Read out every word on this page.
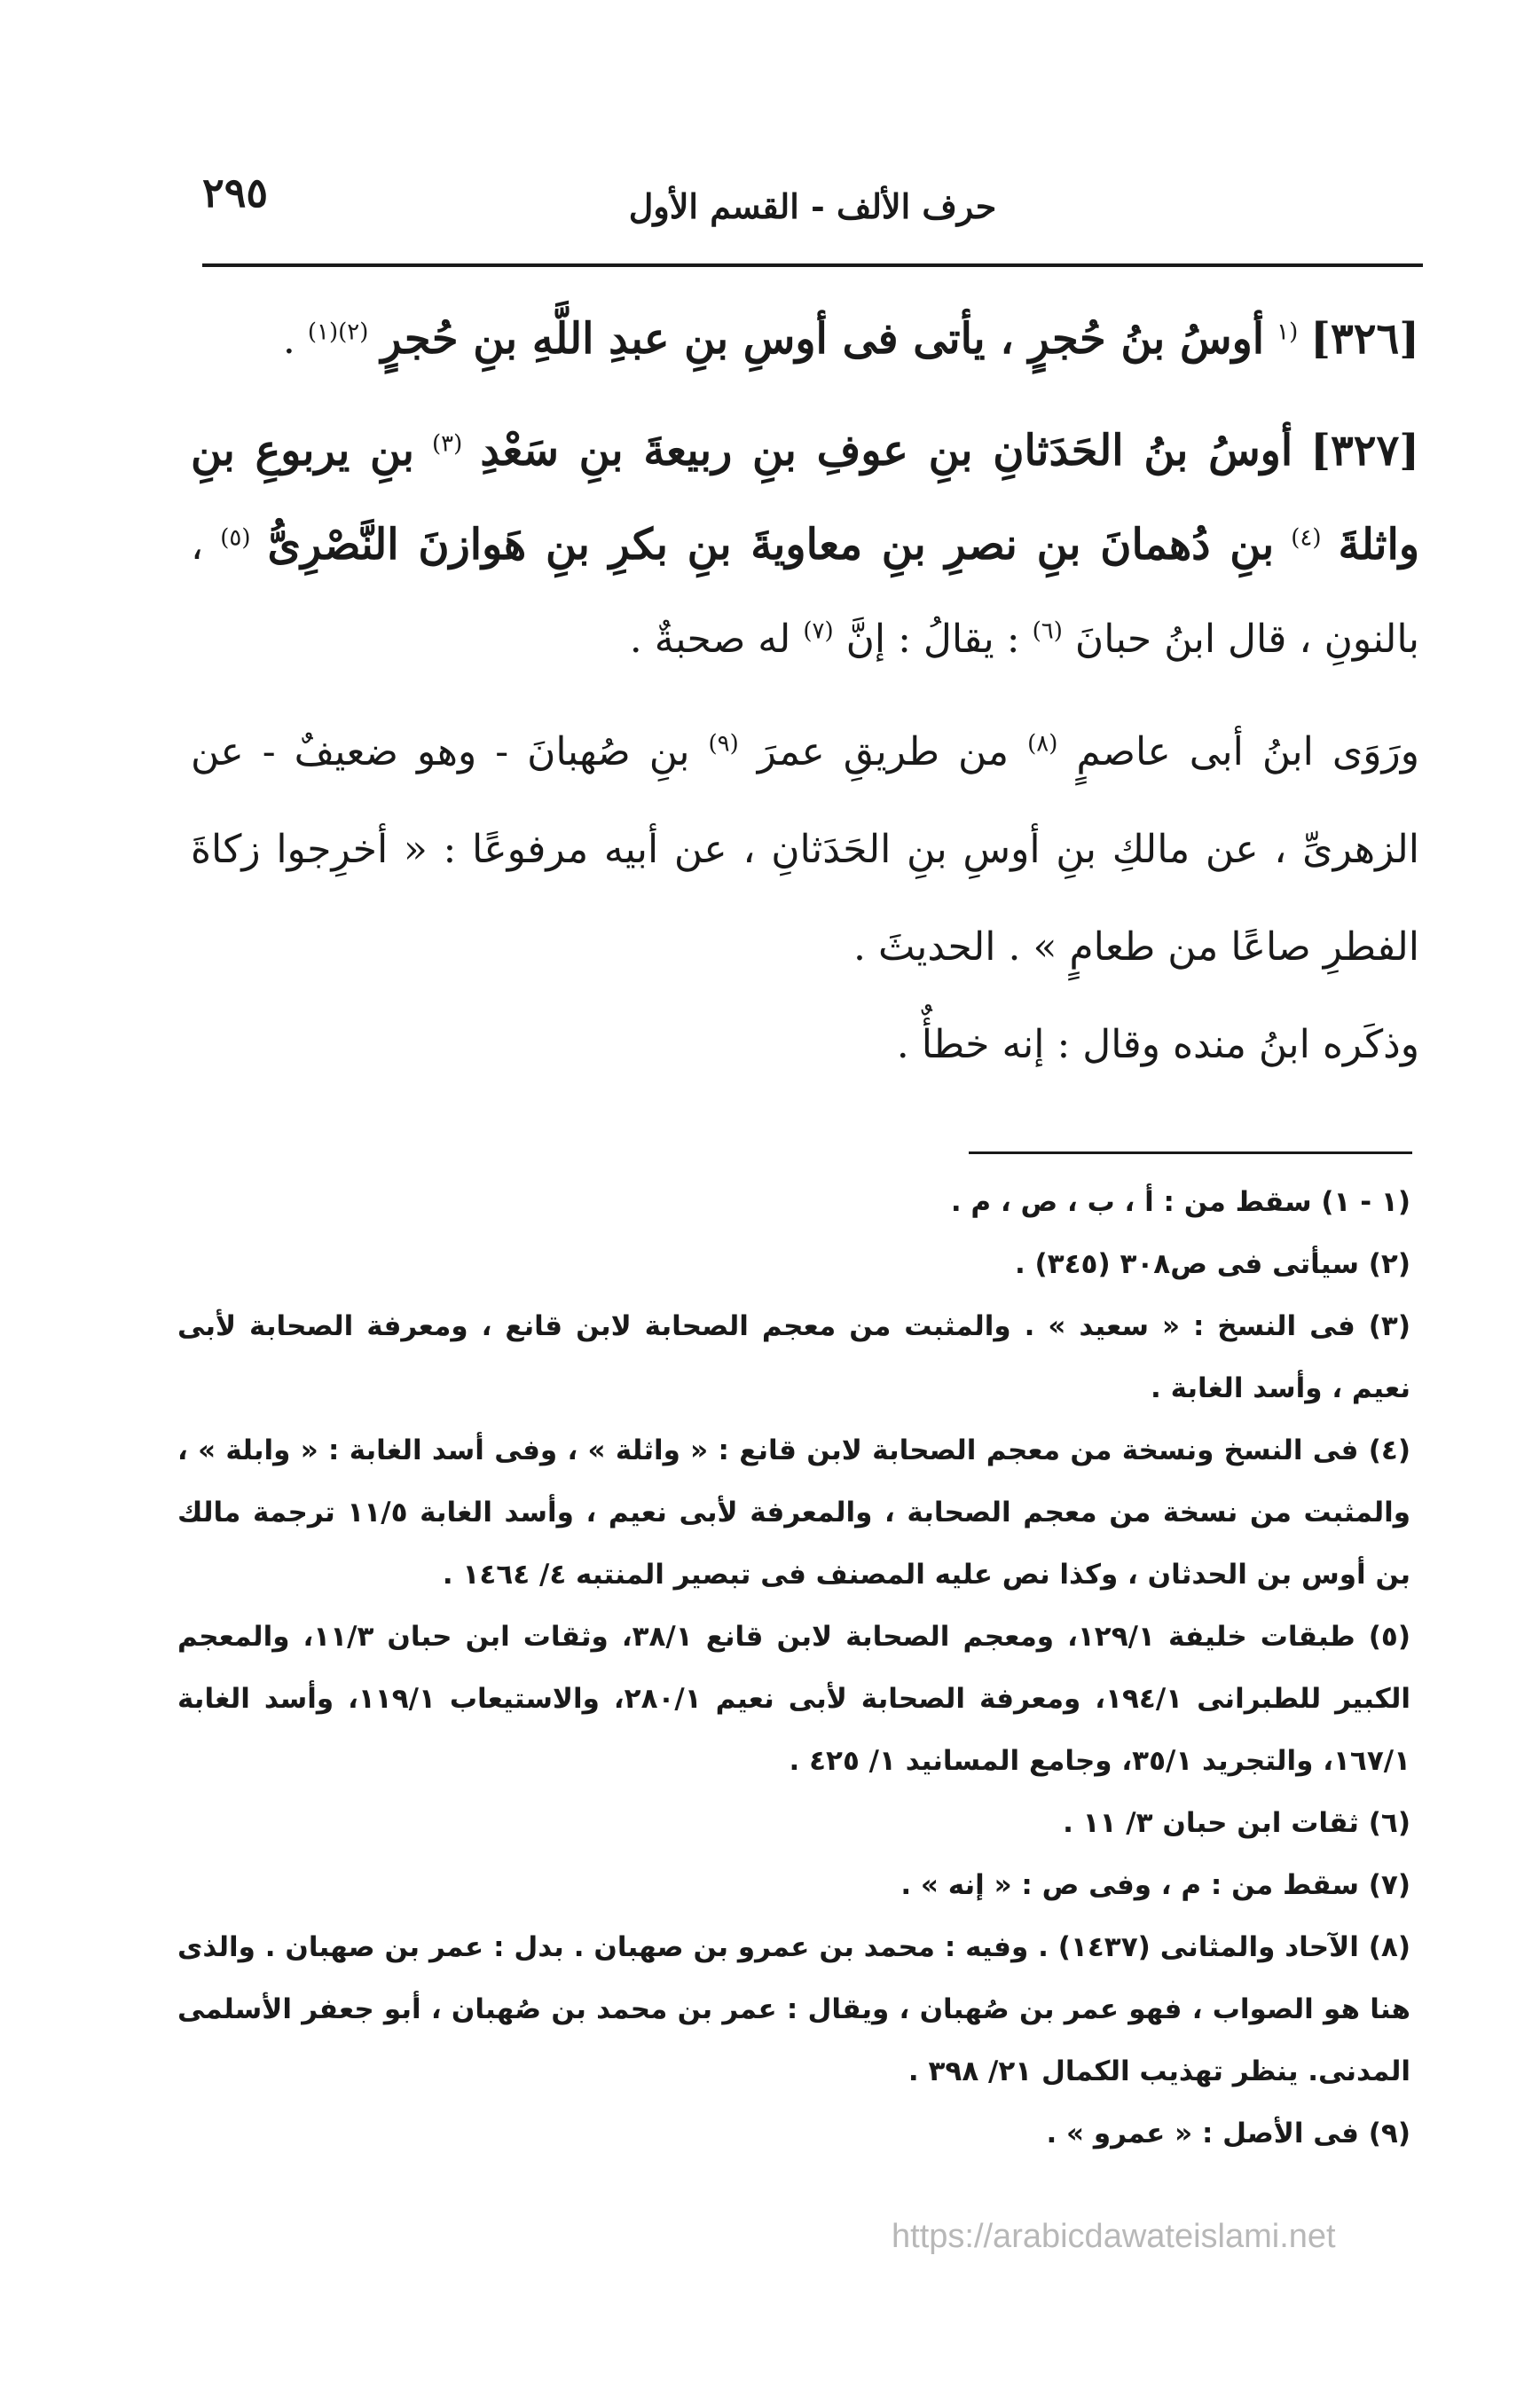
٢٩٥	حرف الألف - القسم الأول

[٣٢٦] $^{(١}$ أوسُ بنُ حُجرٍ ، يأتى فى أوسِ بنِ عبدِ اللَّهِ بنِ حُجرٍ $^{(٢)(١)}$ .

[٣٢٧] أوسُ بنُ الحَدَثانِ بنِ عوفِ بنِ ربيعةَ بنِ سَعْدِ $^{(٣)}$ بنِ يربوعِ بنِ واثلةَ $^{(٤)}$ بنِ دُهمانَ بنِ نصرِ بنِ معاويةَ بنِ بكرِ بنِ هَوازنَ النَّصْرِىُّ $^{(٥)}$ ، بالنونِ ، قال ابنُ حبانَ $^{(٦)}$ : يقالُ : إنَّ $^{(٧)}$ له صحبةٌ .

ورَوَى ابنُ أبى عاصمٍ $^{(٨)}$ من طريقِ عمرَ $^{(٩)}$ بنِ صُهبانَ - وهو ضعيفٌ - عن الزهرىِّ ، عن مالكِ بنِ أوسِ بنِ الحَدَثانِ ، عن أبيه مرفوعًا : « أخرِجوا زكاةَ الفطرِ صاعًا من طعامٍ » . الحديثَ .

وذكَره ابنُ منده وقال : إنه خطأٌ .

(١ - ١) سقط من : أ ، ب ، ص ، م .

(٢) سيأتى فى ص٣٠٨ (٣٤٥) .

(٣) فى النسخ : « سعيد » . والمثبت من معجم الصحابة لابن قانع ، ومعرفة الصحابة لأبى نعيم ، وأسد الغابة .

(٤) فى النسخ ونسخة من معجم الصحابة لابن قانع : « واثلة » ، وفى أسد الغابة : « وابلة » ، والمثبت من نسخة من معجم الصحابة ، والمعرفة لأبى نعيم ، وأسد الغابة ١١/٥ ترجمة مالك بن أوس بن الحدثان ، وكذا نص عليه المصنف فى تبصير المنتبه ٤/ ١٤٦٤ .

(٥) طبقات خليفة ١٢٩/١، ومعجم الصحابة لابن قانع ٣٨/١، وثقات ابن حبان ١١/٣، والمعجم الكبير للطبرانى ١٩٤/١، ومعرفة الصحابة لأبى نعيم ٢٨٠/١، والاستيعاب ١١٩/١، وأسد الغابة ١٦٧/١، والتجريد ٣٥/١، وجامع المسانيد ١/ ٤٢٥ .

(٦) ثقات ابن حبان ٣/ ١١ .

(٧) سقط من : م ، وفى ص : « إنه » .

(٨) الآحاد والمثانى (١٤٣٧) . وفيه : محمد بن عمرو بن صهبان . بدل : عمر بن صهبان . والذى هنا هو الصواب ، فهو عمر بن صُهبان ، ويقال : عمر بن محمد بن صُهبان ، أبو جعفر الأسلمى المدنى. ينظر تهذيب الكمال ٢١/ ٣٩٨ .

(٩) فى الأصل : « عمرو » .

https://arabicdawateislami.net
